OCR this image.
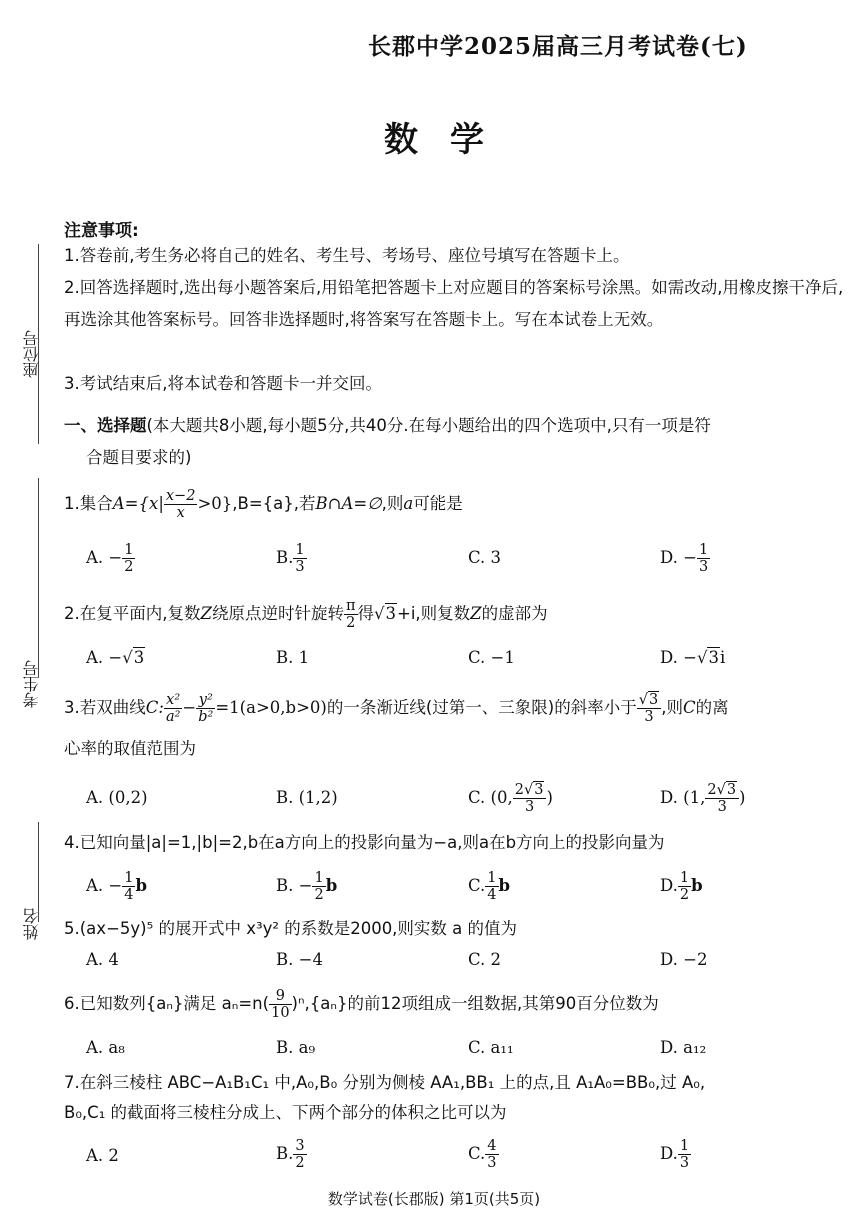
座位号
考生号
姓名
长郡中学2025届高三月考试卷(七)
数学
注意事项:
1.答卷前,考生务必将自己的姓名、考生号、考场号、座位号填写在答题卡上。
2.回答选择题时,选出每小题答案后,用铅笔把答题卡上对应题目的答案标号涂黑。如需改动,用橡皮擦干净后,再选涂其他答案标号。回答非选择题时,将答案写在答题卡上。写在本试卷上无效。
3.考试结束后,将本试卷和答题卡一并交回。
一、选择题(本大题共8小题,每小题5分,共40分.在每小题给出的四个选项中,只有一项是符
合题目要求的)
1.集合$A=\{x| \frac{x-2}{x} >0\},B=\{a\}$,若B∩A=∅,则a可能是
A. − $\frac{1}{2}$	B. $\frac{1}{3}$	C. 3	D. − $\frac{1}{3}$
2.在复平面内,复数Z绕原点逆时针旋转 $\frac{\pi}{2}$ 得√3+i,则复数Z的虚部为
A. −√3	B. 1	C. −1	D. −√3i
3.若双曲线C: $\frac{\text{x²}}{\text{a²}} - \frac{\text{y²}}{\text{b²}} =1(a>0,b>0)$的一条渐近线(过第一、三象限)的斜率小于 $\frac{√3}{3}$ ,则C的离
心率的取值范围为
A. (0,2)	B. (1,2)	C. (0, $\frac{2√3}{3}$ )	D. (1, $\frac{2√3}{3}$ )
4.已知向量|a|=1,|b|=2,b在a方向上的投影向量为−a,则a在b方向上的投影向量为
A. − $\frac{1}{4}$ b	B. − $\frac{1}{2}$ b	C. $\frac{1}{4}$ b	D. $\frac{1}{2}$ b
5.(ax−5y)⁵ 的展开式中 x³y² 的系数是2000,则实数 a 的值为
A. 4	B. −4	C. 2	D. −2
6.已知数列{aₙ}满足 $a_n=n( \frac{9}{10} )^n,\{a_n\}$的前12项组成一组数据,其第90百分位数为
A. a₈	B. a₉	C. a₁₁	D. a₁₂
7.在斜三棱柱 ABC−A₁B₁C₁ 中,A₀,B₀ 分别为侧棱 AA₁,BB₁ 上的点,且 A₁A₀=BB₀,过 A₀,
B₀,C₁ 的截面将三棱柱分成上、下两个部分的体积之比可以为
A. 2	B. $\frac{3}{2}$	C. $\frac{4}{3}$	D. $\frac{1}{3}$
数学试卷(长郡版) 第1页(共5页)
